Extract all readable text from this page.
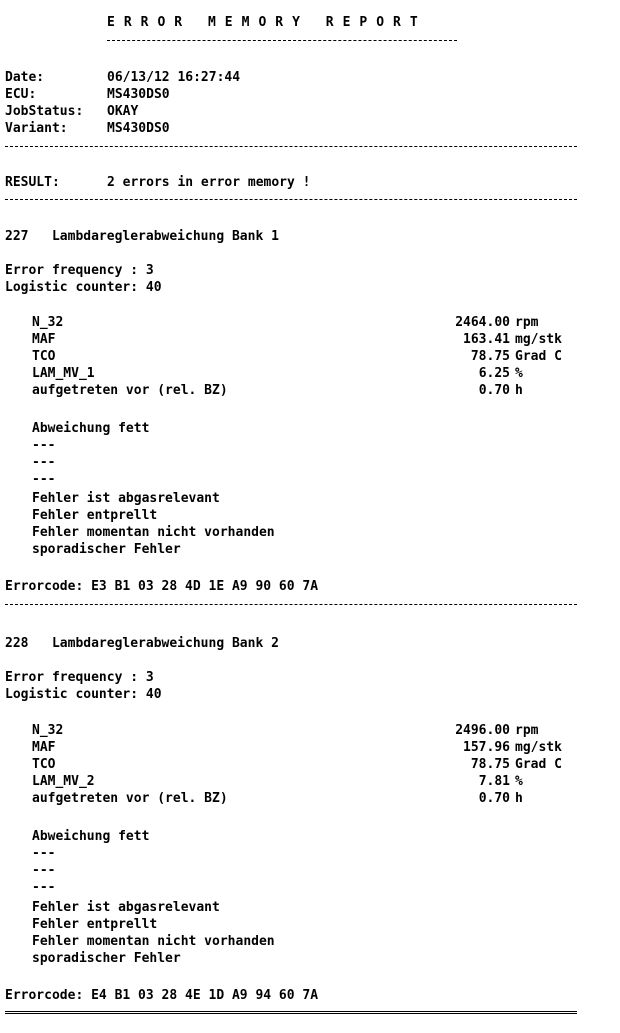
ERROR MEMORY REPORT
Date:	06/13/12 16:27:44
ECU:	MS430DS0
JobStatus: OKAY
Variant:	MS430DS0
RESULT:	2 errors in error memory !
227   Lambdareglerabweichung Bank 1
Error frequency : 3
Logistic counter: 40
N_32	2464.00 rpm
MAF	163.41 mg/stk
TCO	78.75 Grad C
LAM_MV_1	6.25 %
aufgetreten vor (rel. BZ)	0.70 h
Abweichung fett
---
---
---
Fehler ist abgasrelevant
Fehler entprellt
Fehler momentan nicht vorhanden
sporadischer Fehler
Errorcode: E3 B1 03 28 4D 1E A9 90 60 7A
228   Lambdareglerabweichung Bank 2
Error frequency : 3
Logistic counter: 40
N_32	2496.00 rpm
MAF	157.96 mg/stk
TCO	78.75 Grad C
LAM_MV_2	7.81 %
aufgetreten vor (rel. BZ)	0.70 h
Abweichung fett
---
---
---
Fehler ist abgasrelevant
Fehler entprellt
Fehler momentan nicht vorhanden
sporadischer Fehler
Errorcode: E4 B1 03 28 4E 1D A9 94 60 7A
